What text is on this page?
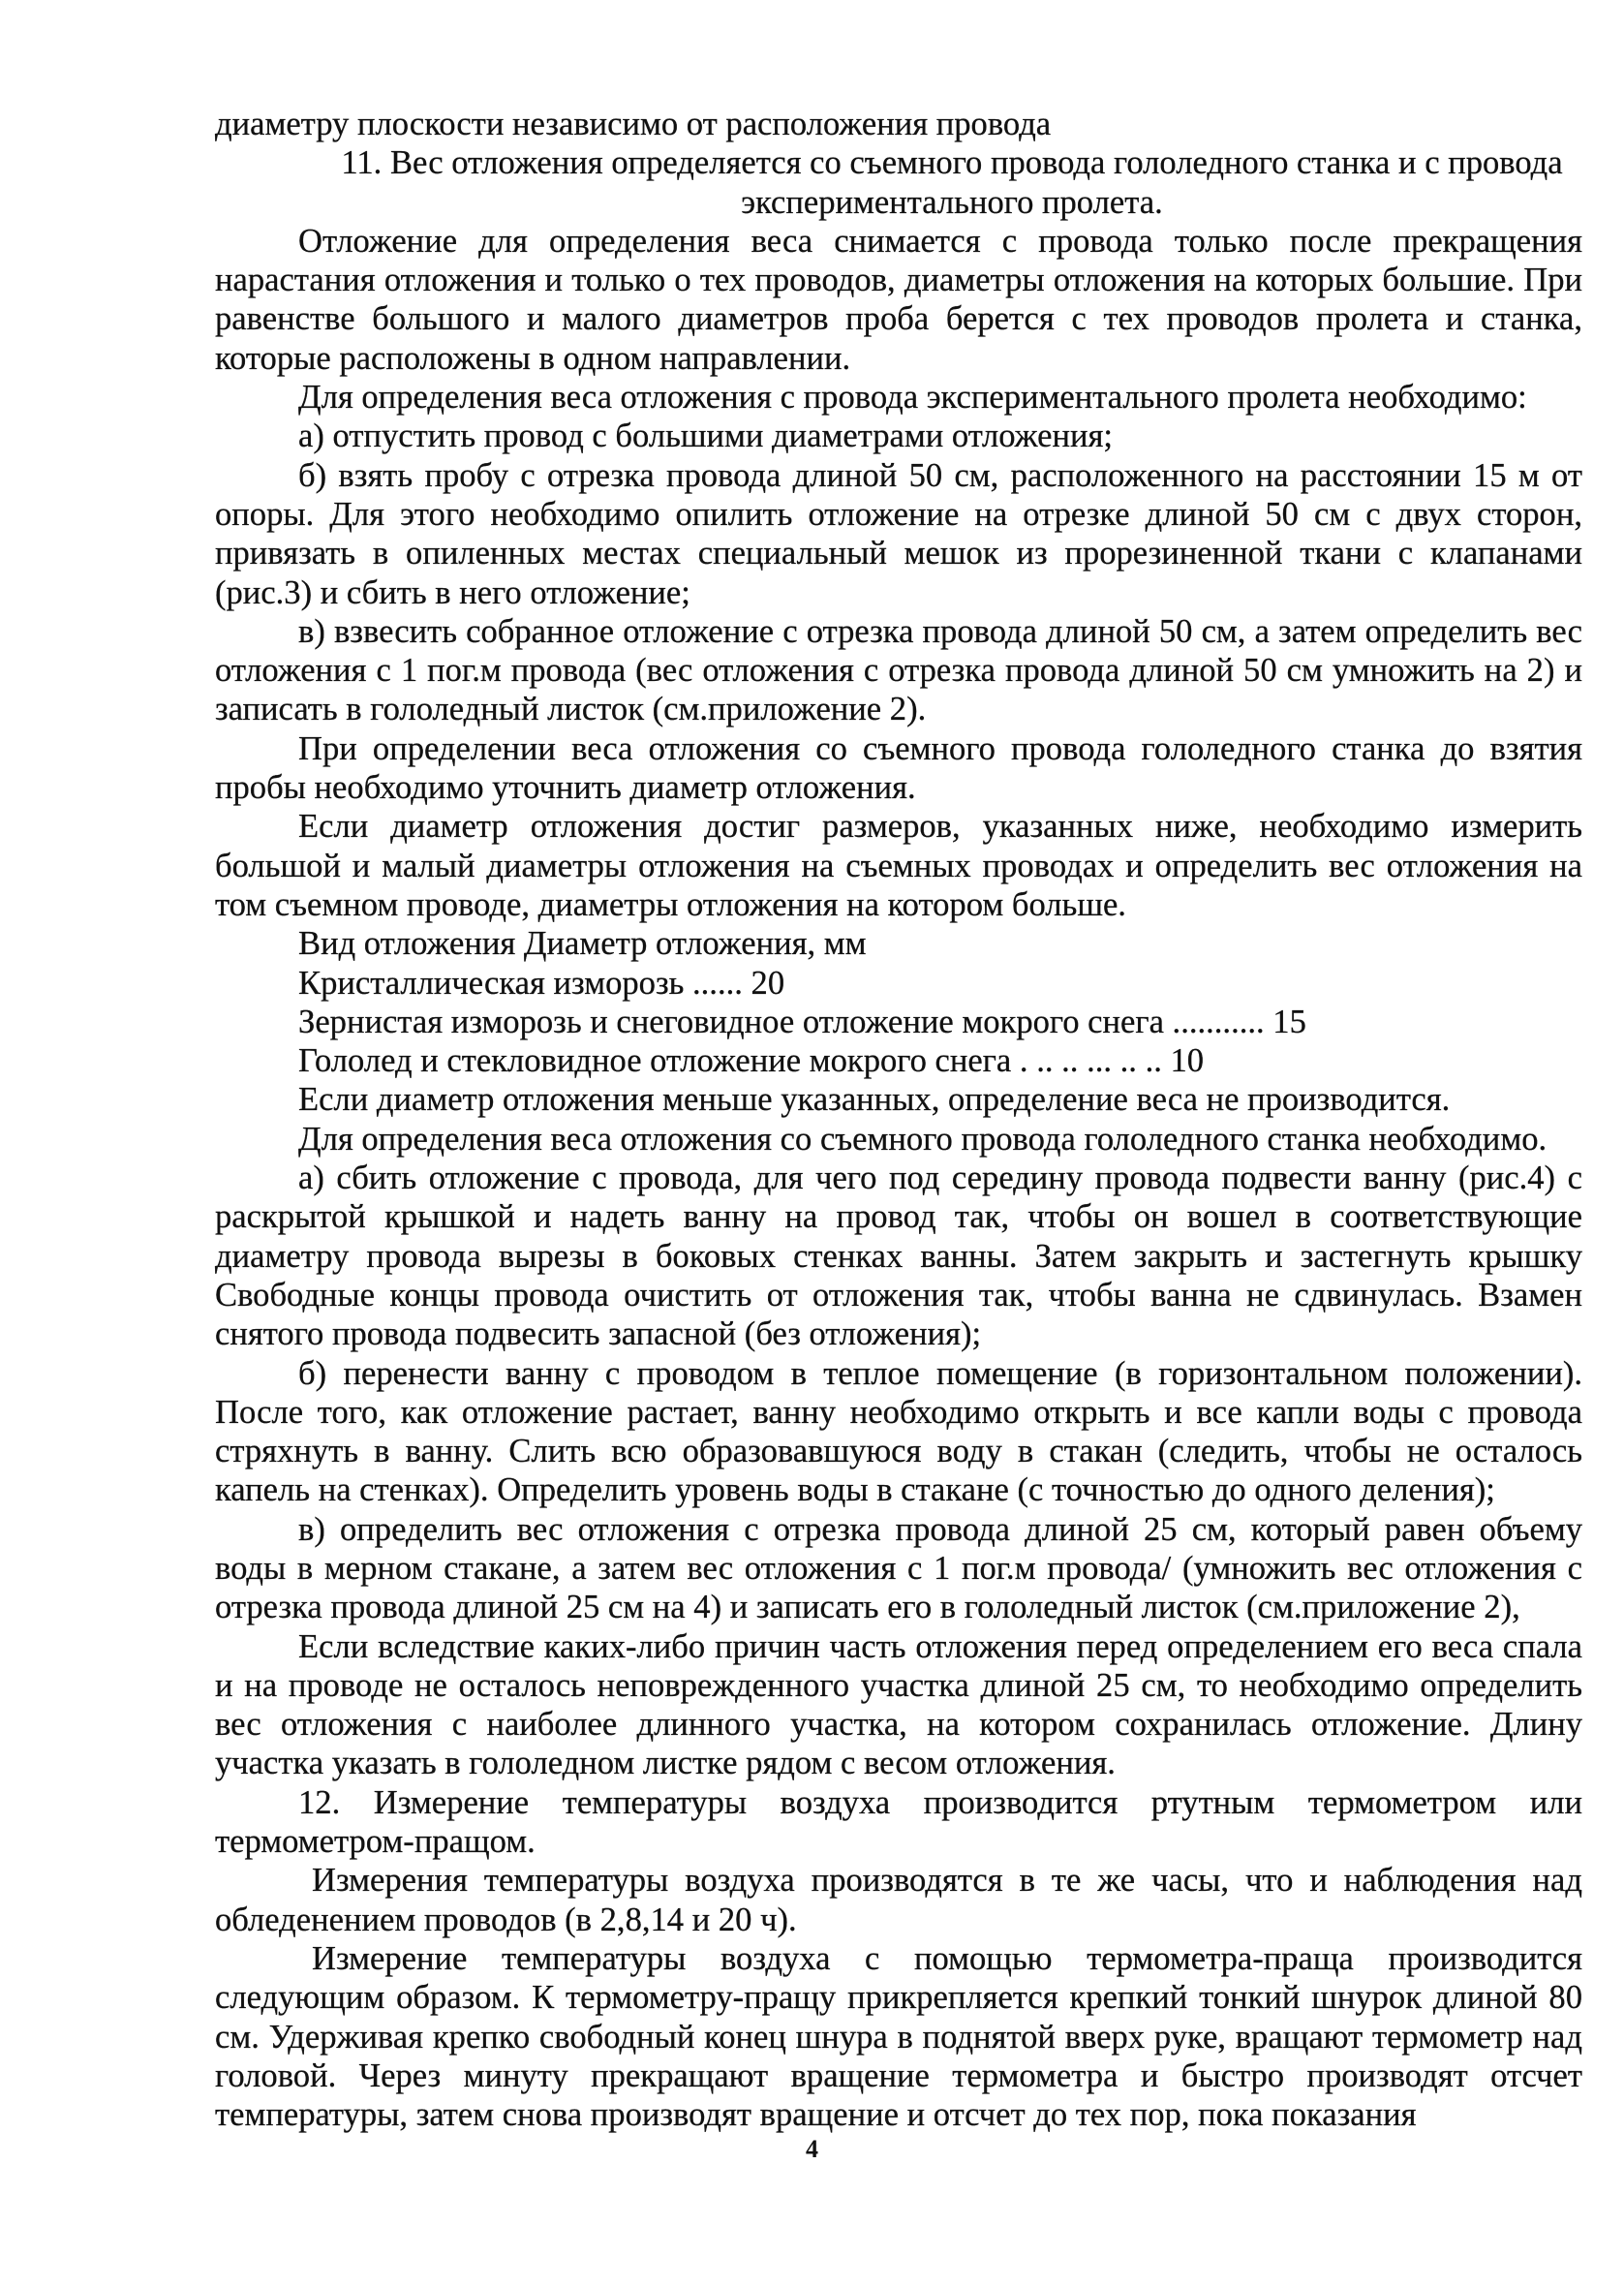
диаметру плоскости независимо от расположения провода

11. Вес отложения определяется со съемного провода гололедного станка и с провода экспериментального пролета.

Отложение для определения веса снимается с провода только после прекращения нарастания отложения и только о тех проводов, диаметры отложения на которых большие. При равенстве большого и малого диаметров проба берется с тех проводов пролета и станка, которые расположены в одном направлении.

Для определения веса отложения с провода экспериментального пролета необходимо:

а) отпустить провод с большими диаметрами отложения;

б) взять пробу с отрезка провода длиной 50 см, расположенного на расстоянии 15 м от опоры. Для этого необходимо опилить отложение на отрезке длиной 50 см с двух сторон, привязать в опиленных местах специальный мешок из прорезиненной ткани с клапанами (рис.3) и сбить в него отложение;

в) взвесить собранное отложение с отрезка провода длиной 50 см, а затем определить вес отложения с 1 пог.м провода (вес отложения с отрезка провода длиной 50 см умножить на 2) и записать в гололедный листок (см.приложение 2).

При определении веса отложения со съемного провода гололедного станка до взятия пробы необходимо уточнить диаметр отложения.

Если диаметр отложения достиг размеров, указанных ниже, необходимо измерить большой и малый диаметры отложения на съемных проводах и определить вес отложения на том съемном проводе, диаметры отложения на котором больше.

Вид отложения Диаметр отложения, мм

Кристаллическая изморозь ...... 20

Зернистая изморозь и снеговидное отложение мокрого снега ........... 15

Гололед и стекловидное отложение мокрого снега . .. .. ... .. .. 10

Если диаметр отложения меньше указанных, определение веса не производится.

Для определения веса отложения со съемного провода гололедного станка необходимо.

а) сбить отложение с провода, для чего под середину провода подвести ванну (рис.4) с раскрытой крышкой и надеть ванну на провод так, чтобы он вошел в соответствующие диаметру провода вырезы в боковых стенках ванны. Затем закрыть и застегнуть крышку Свободные концы провода очистить от отложения так, чтобы ванна не сдвинулась. Взамен снятого провода подвесить запасной (без отложения);

б) перенести ванну с проводом в теплое помещение (в горизонтальном положении). После того, как отложение растает, ванну необходимо открыть и все капли воды с провода стряхнуть в ванну. Слить всю образовавшуюся воду в стакан (следить, чтобы не осталось капель на стенках). Определить уровень воды в стакане (с точностью до одного деления);

в) определить вес отложения с отрезка провода длиной 25 см, который равен объему воды в мерном стакане, а затем вес отложения с 1 пог.м провода/ (умножить вес отложения с отрезка провода длиной 25 см на 4) и записать его в гололедный листок (см.приложение 2),

Если вследствие каких-либо причин часть отложения перед определением его веса спала и на проводе не осталось неповрежденного участка длиной 25 см, то необходимо определить вес отложения с наиболее длинного участка, на котором сохранилась отложение. Длину участка указать в гололедном листке рядом с весом отложения.

12. Измерение температуры воздуха производится ртутным термометром или термометром-пращом.

Измерения температуры воздуха производятся в те же часы, что и наблюдения над обледенением проводов (в 2,8,14 и 20 ч).

Измерение температуры воздуха с помощью термометра-праща производится следующим образом. К термометру-пращу прикрепляется крепкий тонкий шнурок длиной 80 см. Удерживая крепко свободный конец шнура в поднятой вверх руке, вращают термометр над головой. Через минуту прекращают вращение термометра и быстро производят отсчет температуры, затем снова производят вращение и отсчет до тех пор, пока показания

4
